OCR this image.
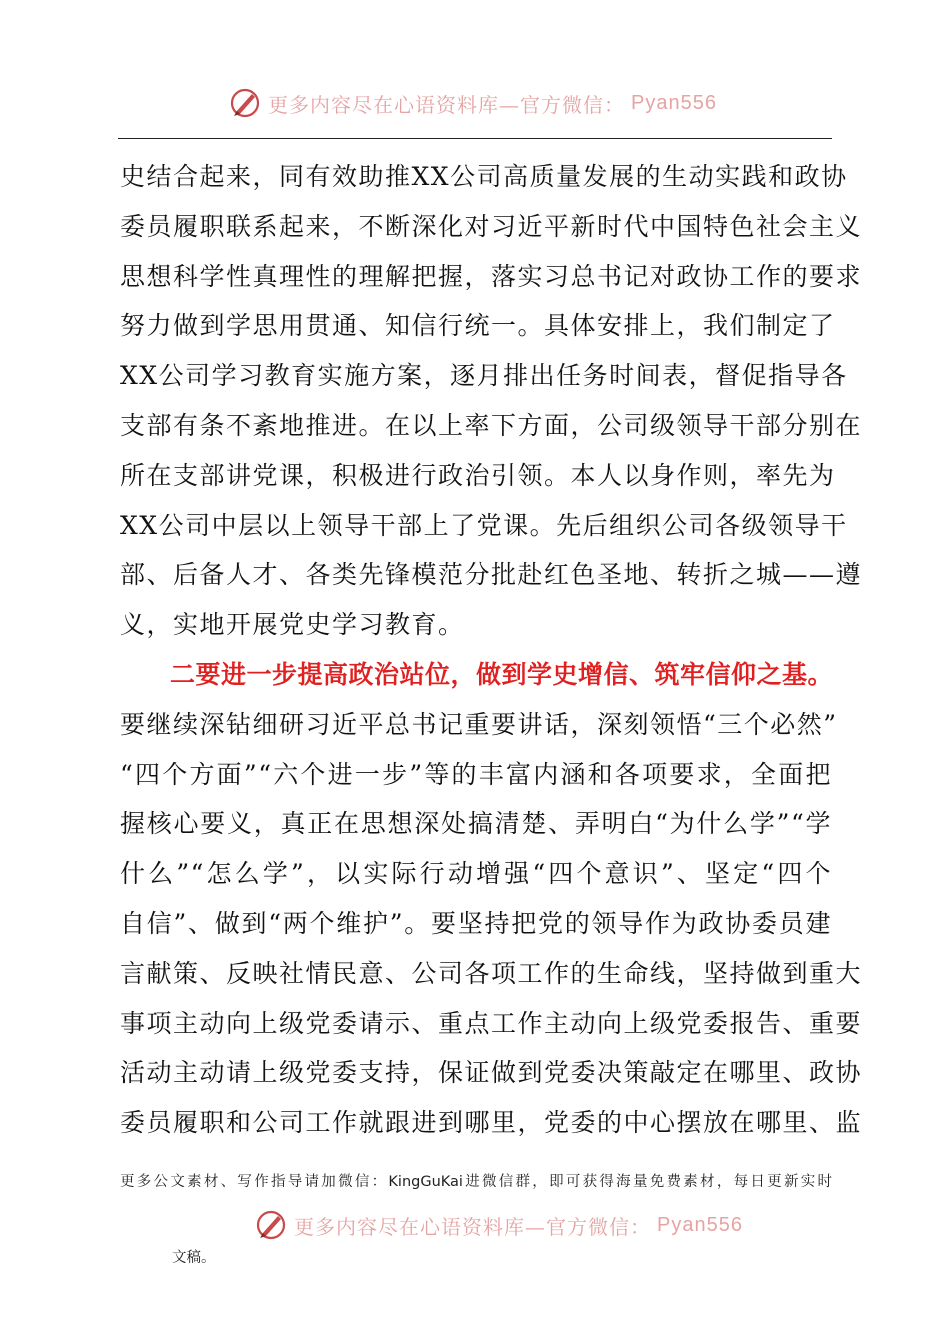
更多内容尽在心语资料库—官方微信： Pyan556

史结合起来，同有效助推XX公司高质量发展的生动实践和政协

委员履职联系起来，不断深化对习近平新时代中国特色社会主义

思想科学性真理性的理解把握，落实习总书记对政协工作的要求

努力做到学思用贯通、知信行统一。具体安排上，我们制定了

XX公司学习教育实施方案，逐月排出任务时间表，督促指导各

支部有条不紊地推进。在以上率下方面，公司级领导干部分别在

所在支部讲党课，积极进行政治引领。本人以身作则，率先为

XX公司中层以上领导干部上了党课。先后组织公司各级领导干

部、后备人才、各类先锋模范分批赴红色圣地、转折之城——遵

义，实地开展党史学习教育。

二要进一步提高政治站位，做到学史增信、筑牢信仰之基。

要继续深钻细研习近平总书记重要讲话，深刻领悟“三个必然”

“四个方面”“六个进一步”等的丰富内涵和各项要求，全面把

握核心要义，真正在思想深处搞清楚、弄明白“为什么学”“学

什么”“怎么学”，以实际行动增强“四个意识”、坚定“四个

自信”、做到“两个维护”。要坚持把党的领导作为政协委员建

言献策、反映社情民意、公司各项工作的生命线，坚持做到重大

事项主动向上级党委请示、重点工作主动向上级党委报告、重要

活动主动请上级党委支持，保证做到党委决策敲定在哪里、政协

委员履职和公司工作就跟进到哪里，党委的中心摆放在哪里、监

更多公文素材、写作指导请加微信：KingGuKai进微信群，即可获得海量免费素材，每日更新实时
更多内容尽在心语资料库—官方微信： Pyan556
文稿。
